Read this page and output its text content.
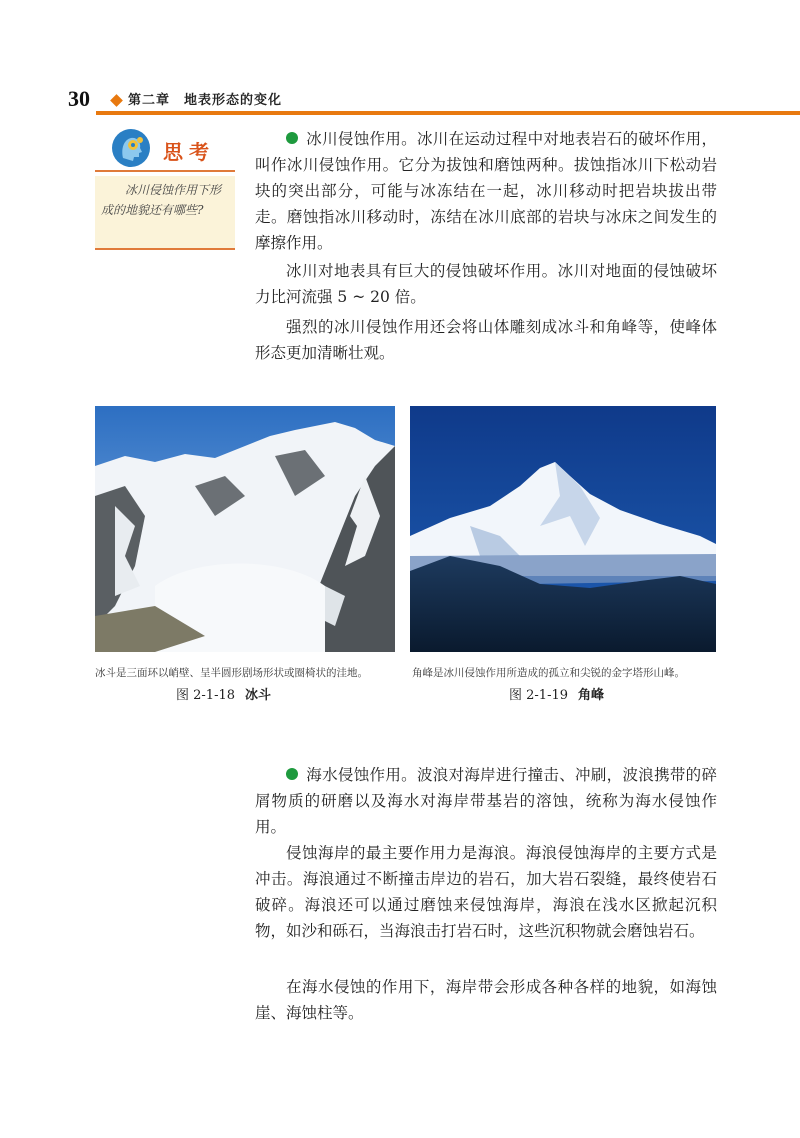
30	第二章　地表形态的变化
思考

冰川侵蚀作用下形成的地貌还有哪些?

冰川侵蚀作用。冰川在运动过程中对地表岩石的破坏作用，叫作冰川侵蚀作用。它分为拔蚀和磨蚀两种。拔蚀指冰川下松动岩块的突出部分，可能与冰冻结在一起，冰川移动时把岩块拔出带走。磨蚀指冰川移动时，冻结在冰川底部的岩块与冰床之间发生的摩擦作用。

冰川对地表具有巨大的侵蚀破坏作用。冰川对地面的侵蚀破坏力比河流强 5 ~ 20 倍。

强烈的冰川侵蚀作用还会将山体雕刻成冰斗和角峰等，使峰体形态更加清晰壮观。

冰斗是三面环以峭壁、呈半圆形剧场形状或圈椅状的洼地。
图 2-1-18 冰斗
角峰是冰川侵蚀作用所造成的孤立和尖锐的金字塔形山峰。
图 2-1-19 角峰

海水侵蚀作用。波浪对海岸进行撞击、冲刷，波浪携带的碎屑物质的研磨以及海水对海岸带基岩的溶蚀，统称为海水侵蚀作用。

侵蚀海岸的最主要作用力是海浪。海浪侵蚀海岸的主要方式是冲击。海浪通过不断撞击岸边的岩石，加大岩石裂缝，最终使岩石破碎。海浪还可以通过磨蚀来侵蚀海岸，海浪在浅水区掀起沉积物，如沙和砾石，当海浪击打岩石时，这些沉积物就会磨蚀岩石。

在海水侵蚀的作用下，海岸带会形成各种各样的地貌，如海蚀崖、海蚀柱等。
